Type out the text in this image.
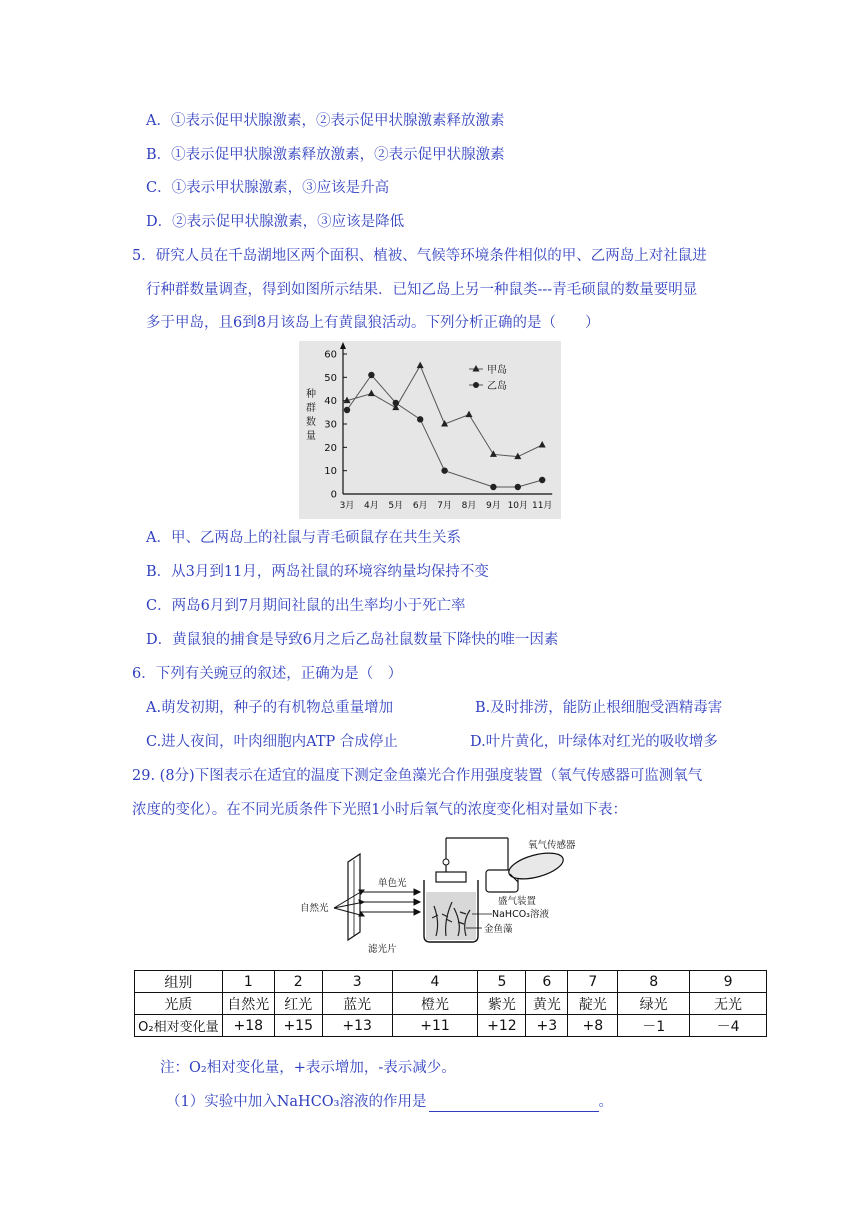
A．①表示促甲状腺激素，②表示促甲状腺激素释放激素
B．①表示促甲状腺激素释放激素，②表示促甲状腺激素
C．①表示甲状腺激素，③应该是升高
D．②表示促甲状腺激素，③应该是降低
5．研究人员在千岛湖地区两个面积、植被、气候等环境条件相似的甲、乙两岛上对社鼠进
行种群数量调查，得到如图所示结果．已知乙岛上另一种鼠类---青毛硕鼠的数量要明显
多于甲岛，且6到8月该岛上有黄鼠狼活动。下列分析正确的是（　　）
0
10
20
30
40
50
60
3月 4月 5月 6月 7月 8月 9月 10月 11月
甲岛
乙岛
种
群
数
量
A．甲、乙两岛上的社鼠与青毛硕鼠存在共生关系
B．从3月到11月，两岛社鼠的环境容纳量均保持不变
C．两岛6月到7月期间社鼠的出生率均小于死亡率
D．黄鼠狼的捕食是导致6月之后乙岛社鼠数量下降快的唯一因素
6．下列有关豌豆的叙述，正确为是（　）
A.萌发初期，种子的有机物总重量增加	B.及时排涝，能防止根细胞受酒精毒害
C.进人夜间，叶肉细胞内ATP 合成停止	D.叶片黄化，叶绿体对红光的吸收增多
29. (8分)下图表示在适宜的温度下测定金鱼藻光合作用强度装置（氧气传感器可监测氧气
浓度的变化）。在不同光质条件下光照1小时后氧气的浓度变化相对量如下表：
自然光
单色光
滤光片
氧气传感器
盛气装置
NaHCO₃溶液
金鱼藻
组别	1	2	3	4	5	6	7	8	9
光质	自然光	红光	蓝光	橙光	紫光	黄光	靛光	绿光	无光
O₂相对变化量	+18	+15	+13	+11	+12	+3	+8	－1	－4
注：O₂相对变化量，+表示增加，-表示减少。
（1）实验中加入NaHCO₃溶液的作用是	。
